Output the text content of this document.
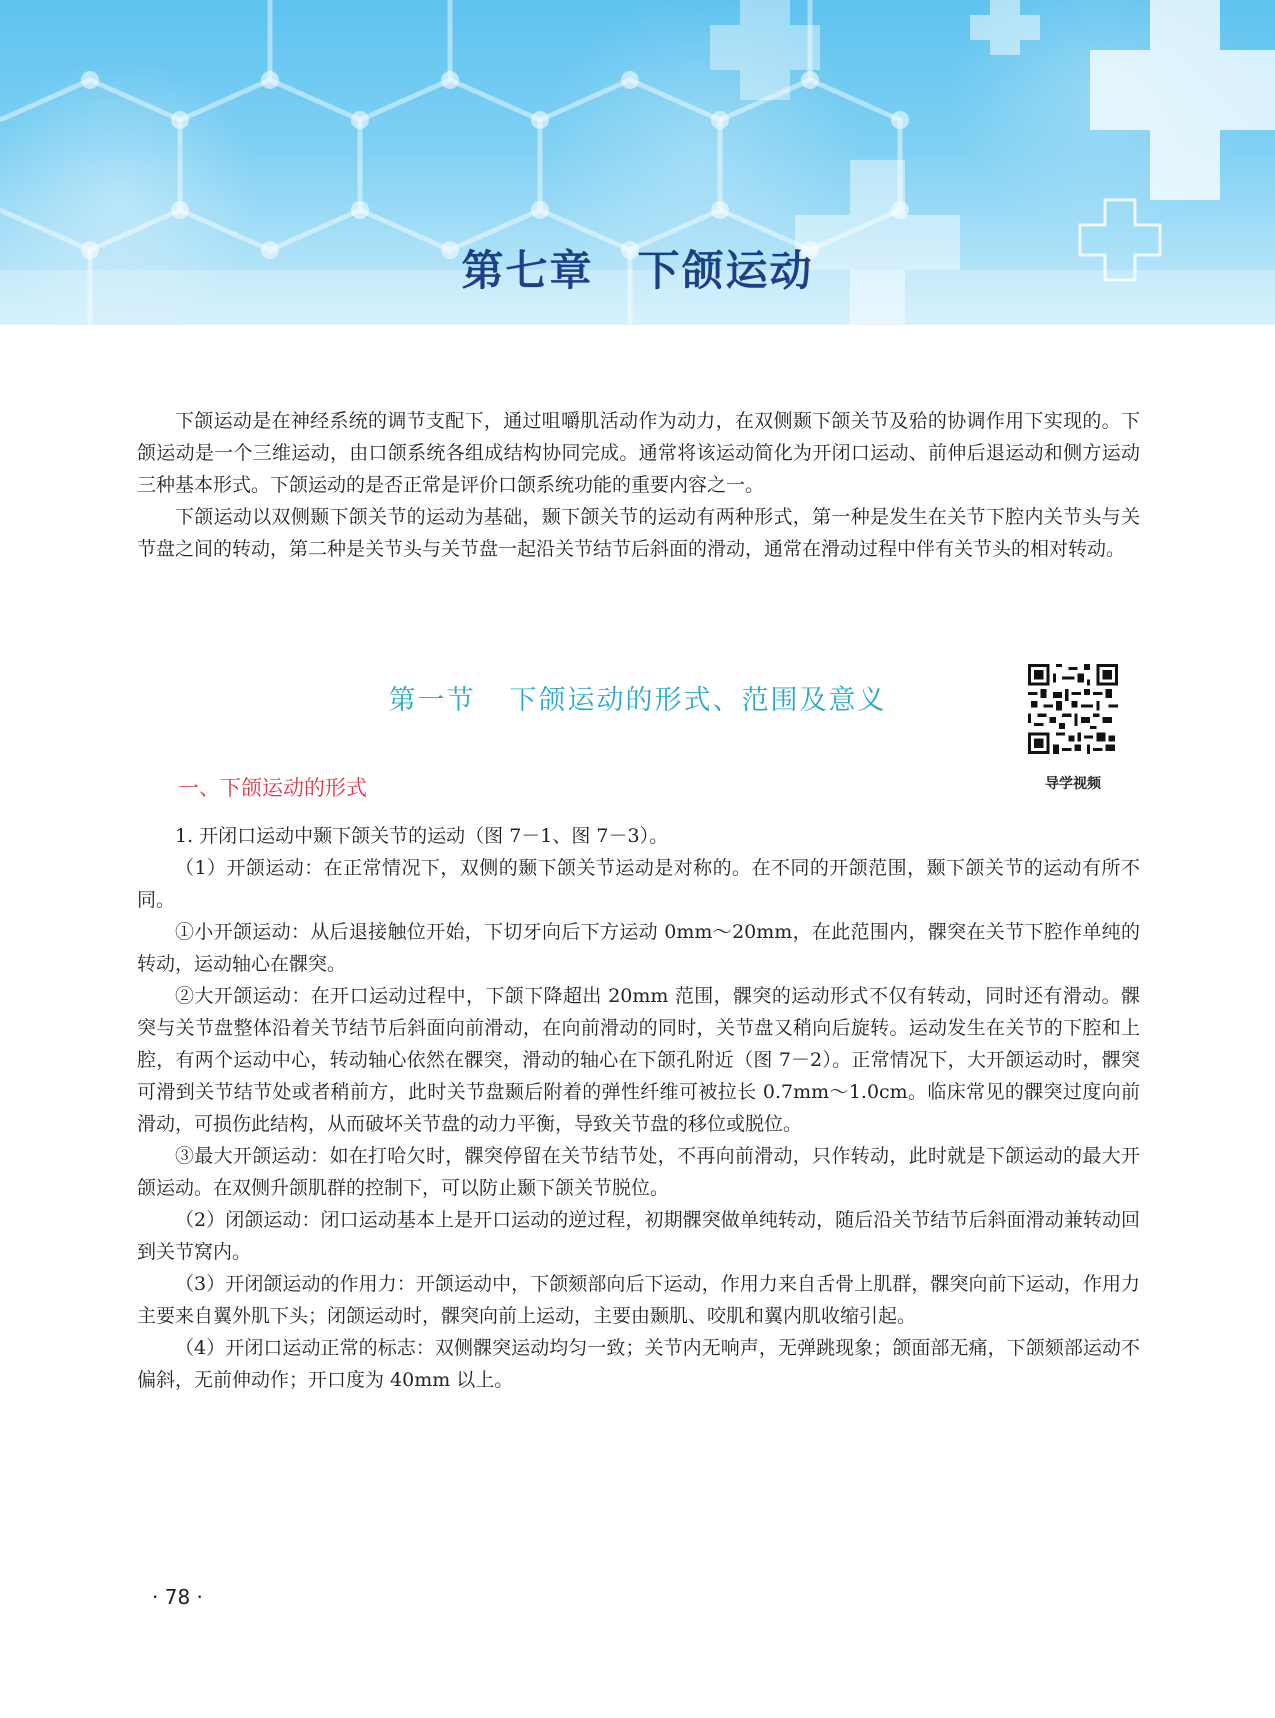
第七章 下颌运动

下颌运动是在神经系统的调节支配下，通过咀嚼肌活动作为动力，在双侧颞下颌关节及𬌗的协调作用下实现的。下颌运动是一个三维运动，由口颌系统各组成结构协同完成。通常将该运动简化为开闭口运动、前伸后退运动和侧方运动三种基本形式。下颌运动的是否正常是评价口颌系统功能的重要内容之一。

下颌运动以双侧颞下颌关节的运动为基础，颞下颌关节的运动有两种形式，第一种是发生在关节下腔内关节头与关节盘之间的转动，第二种是关节头与关节盘一起沿关节结节后斜面的滑动，通常在滑动过程中伴有关节头的相对转动。

第一节 下颌运动的形式、范围及意义
导学视频
一、下颌运动的形式

1. 开闭口运动中颞下颌关节的运动（图 7－1、图 7－3）。

（1）开颌运动：在正常情况下，双侧的颞下颌关节运动是对称的。在不同的开颌范围，颞下颌关节的运动有所不同。

①小开颌运动：从后退接触位开始，下切牙向后下方运动 0mm～20mm，在此范围内，髁突在关节下腔作单纯的转动，运动轴心在髁突。

②大开颌运动：在开口运动过程中，下颌下降超出 20mm 范围，髁突的运动形式不仅有转动，同时还有滑动。髁突与关节盘整体沿着关节结节后斜面向前滑动，在向前滑动的同时，关节盘又稍向后旋转。运动发生在关节的下腔和上腔，有两个运动中心，转动轴心依然在髁突，滑动的轴心在下颌孔附近（图 7－2）。正常情况下，大开颌运动时，髁突可滑到关节结节处或者稍前方，此时关节盘颞后附着的弹性纤维可被拉长 0.7mm～1.0cm。临床常见的髁突过度向前滑动，可损伤此结构，从而破坏关节盘的动力平衡，导致关节盘的移位或脱位。

③最大开颌运动：如在打哈欠时，髁突停留在关节结节处，不再向前滑动，只作转动，此时就是下颌运动的最大开颌运动。在双侧升颌肌群的控制下，可以防止颞下颌关节脱位。

（2）闭颌运动：闭口运动基本上是开口运动的逆过程，初期髁突做单纯转动，随后沿关节结节后斜面滑动兼转动回到关节窝内。

（3）开闭颌运动的作用力：开颌运动中，下颌颏部向后下运动，作用力来自舌骨上肌群，髁突向前下运动，作用力主要来自翼外肌下头；闭颌运动时，髁突向前上运动，主要由颞肌、咬肌和翼内肌收缩引起。

（4）开闭口运动正常的标志：双侧髁突运动均匀一致；关节内无响声，无弹跳现象；颌面部无痛，下颌颏部运动不偏斜，无前伸动作；开口度为 40mm 以上。

· 78 ·
